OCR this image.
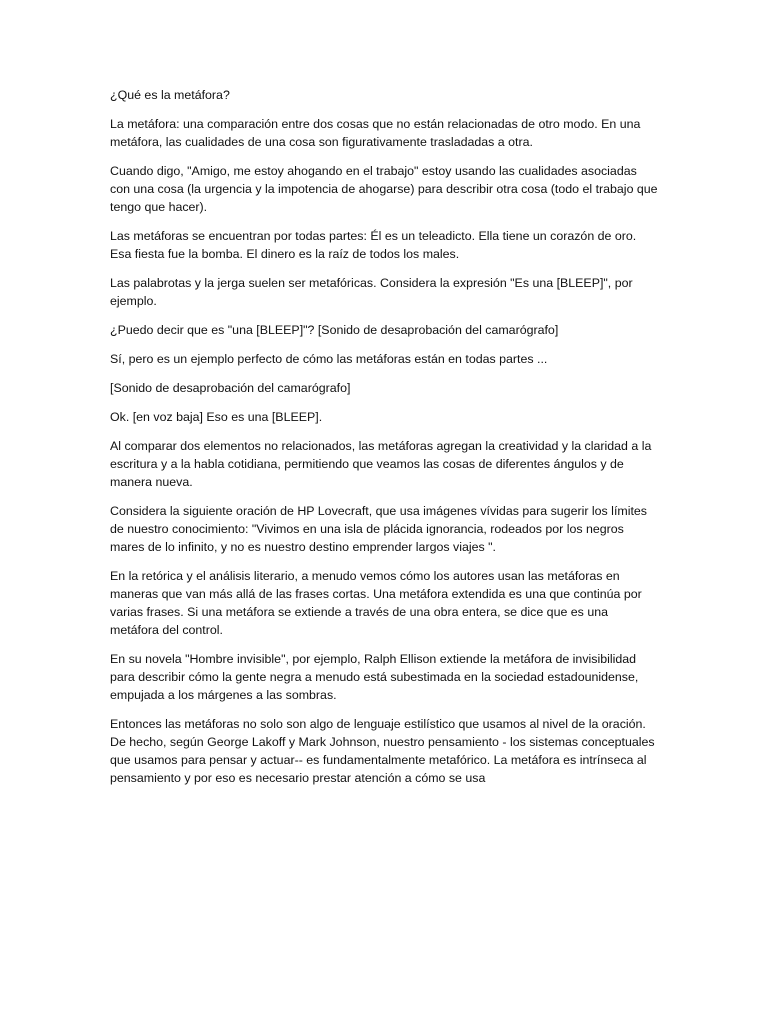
¿Qué es la metáfora?

La metáfora: una comparación entre dos cosas que no están relacionadas de otro modo. En una metáfora, las cualidades de una cosa son figurativamente trasladadas a otra.

Cuando digo, "Amigo, me estoy ahogando en el trabajo" estoy usando las cualidades asociadas con una cosa (la urgencia y la impotencia de ahogarse) para describir otra cosa (todo el trabajo que tengo que hacer).

Las metáforas se encuentran por todas partes: Él es un teleadicto. Ella tiene un corazón de oro. Esa fiesta fue la bomba. El dinero es la raíz de todos los males.

Las palabrotas y la jerga suelen ser metafóricas. Considera la expresión "Es una [BLEEP]", por ejemplo.

¿Puedo decir que es "una [BLEEP]"? [Sonido de desaprobación del camarógrafo]

Sí, pero es un ejemplo perfecto de cómo las metáforas están en todas partes ...

[Sonido de desaprobación del camarógrafo]

Ok. [en voz baja] Eso es una [BLEEP].

Al comparar dos elementos no relacionados, las metáforas agregan la creatividad y la claridad a la escritura y a la habla cotidiana, permitiendo que veamos las cosas de diferentes ángulos y de manera nueva.

Considera la siguiente oración de HP Lovecraft, que usa imágenes vívidas para sugerir los límites de nuestro conocimiento: "Vivimos en una isla de plácida ignorancia, rodeados por los negros mares de lo infinito, y no es nuestro destino emprender largos viajes ".

En la retórica y el análisis literario, a menudo vemos cómo los autores usan las metáforas en maneras que van más allá de las frases cortas. Una metáfora extendida es una que continúa por varias frases. Si una metáfora se extiende a través de una obra entera, se dice que es una metáfora del control.

En su novela "Hombre invisible", por ejemplo, Ralph Ellison extiende la metáfora de invisibilidad para describir cómo la gente negra a menudo está subestimada en la sociedad estadounidense, empujada a los márgenes a las sombras.

Entonces las metáforas no solo son algo de lenguaje estilístico que usamos al nivel de la oración. De hecho, según George Lakoff y Mark Johnson, nuestro pensamiento - los sistemas conceptuales que usamos para pensar y actuar-- es fundamentalmente metafórico. La metáfora es intrínseca al pensamiento y por eso es necesario prestar atención a cómo se usa
